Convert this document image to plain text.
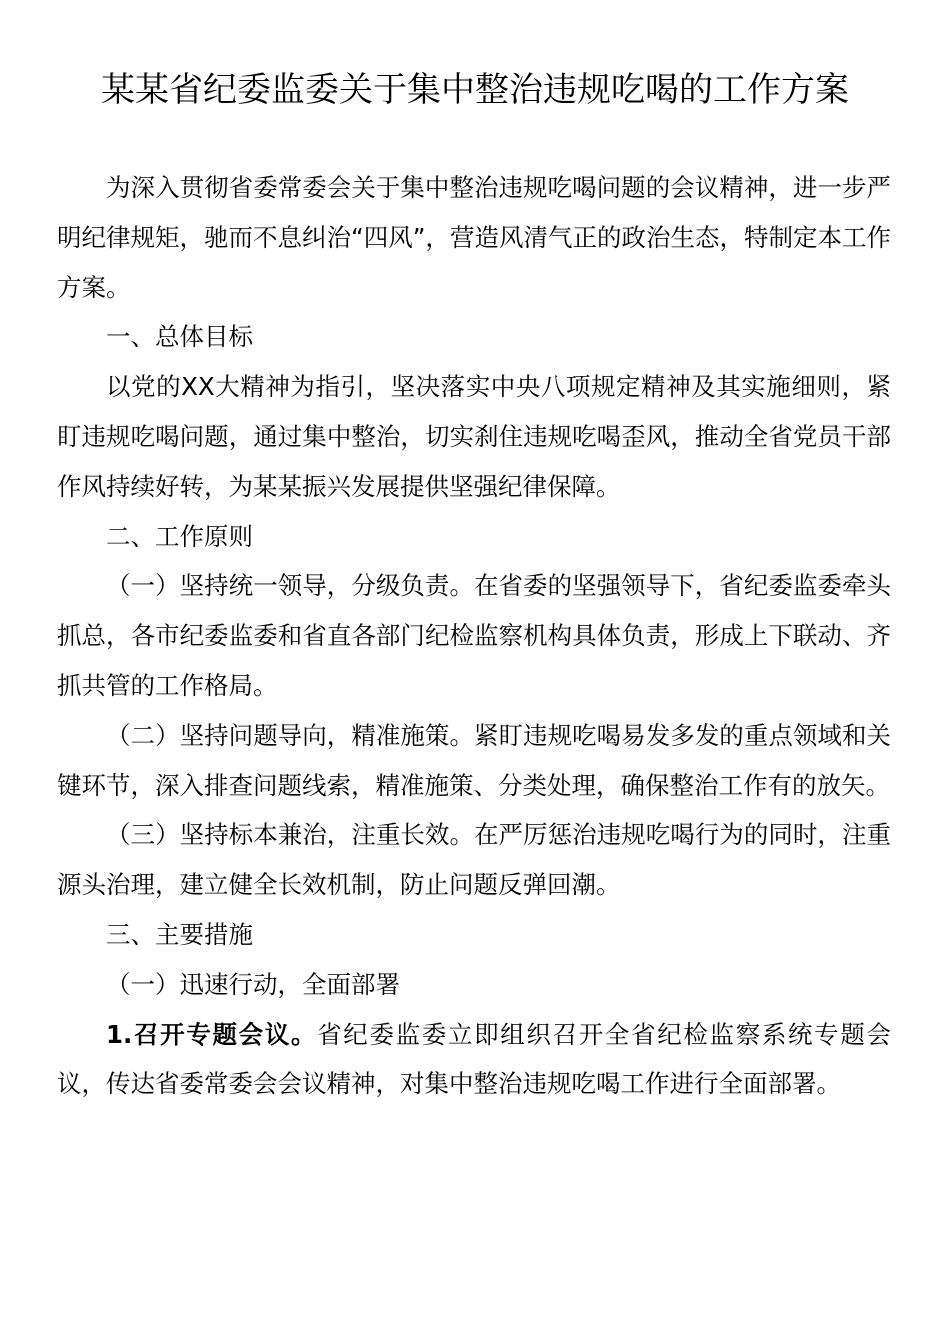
某某省纪委监委关于集中整治违规吃喝的工作方案

为深入贯彻省委常委会关于集中整治违规吃喝问题的会议精神，进一步严明纪律规矩，驰而不息纠治“四风”，营造风清气正的政治生态，特制定本工作方案。

一、总体目标

以党的XX大精神为指引，坚决落实中央八项规定精神及其实施细则，紧盯违规吃喝问题，通过集中整治，切实刹住违规吃喝歪风，推动全省党员干部作风持续好转，为某某振兴发展提供坚强纪律保障。

二、工作原则

（一）坚持统一领导，分级负责。在省委的坚强领导下，省纪委监委牵头抓总，各市纪委监委和省直各部门纪检监察机构具体负责，形成上下联动、齐抓共管的工作格局。

（二）坚持问题导向，精准施策。紧盯违规吃喝易发多发的重点领域和关键环节，深入排查问题线索，精准施策、分类处理，确保整治工作有的放矢。

（三）坚持标本兼治，注重长效。在严厉惩治违规吃喝行为的同时，注重源头治理，建立健全长效机制，防止问题反弹回潮。

三、主要措施

（一）迅速行动，全面部署

1.召开专题会议。省纪委监委立即组织召开全省纪检监察系统专题会议，传达省委常委会会议精神，对集中整治违规吃喝工作进行全面部署。
